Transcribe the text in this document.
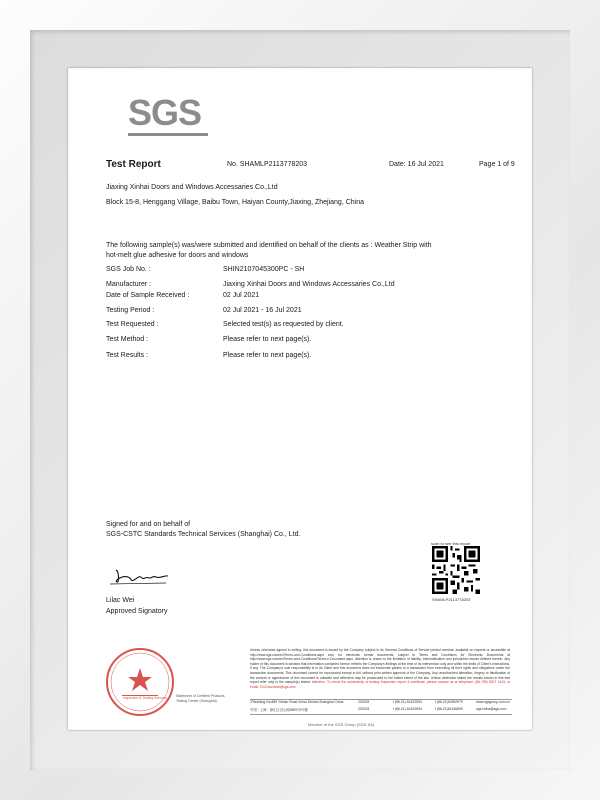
SGS
Test Report	No. SHAMLP2113778203	Date: 16 Jul 2021	Page 1 of 9
Jiaxing Xinhai Doors and Windows Accessaries Co.,Ltd
Block 15-8, Henggang Village, Baibu Town, Haiyan County,Jiaxing, Zhejiang, China
The following sample(s) was/were submitted and identified on behalf of the clients as : Weather Strip with
hot-melt glue adhesive for doors and windows
SGS Job No. :	SHIN2107045300PC - SH
Manufacturer :	Jiaxing Xinhai Doors and Windows Accessaries Co.,Ltd
Date of Sample Received :	02 Jul 2021
Testing Period :	02 Jul 2021 - 16 Jul 2021
Test Requested :	Selected test(s) as requested by client.
Test Method :	Please refer to next page(s).
Test Results :	Please refer to next page(s).
Signed for and on behalf of
SGS-CSTC Standards Technical Services (Shanghai) Co., Ltd.
Lilac Wei
Approved Signatory
scan to see this report
SHAMLP2113778203
Inspection & Testing Services	Statement of Certified Products
Testing Center (Shanghai)
Unless otherwise agreed in writing, this document is issued by the Company subject to its General Conditions of Service printed overleaf, available on request or accessible at http://www.sgs.com/en/Terms-and-Conditions.aspx and, for electronic format documents, subject to Terms and Conditions for Electronic Documents at http://www.sgs.com/en/Terms-and-Conditions/Terms-e-Document.aspx. Attention is drawn to the limitation of liability, indemnification and jurisdiction issues defined therein. Any holder of this document is advised that information contained hereon reflects the Company's findings at the time of its intervention only and within the limits of Client's instructions, if any. The Company's sole responsibility is to its Client and this document does not exonerate parties to a transaction from exercising all their rights and obligations under the transaction documents. This document cannot be reproduced except in full, without prior written approval of the Company. Any unauthorized alteration, forgery or falsification of the content or appearance of this document is unlawful and offenders may be prosecuted to the fullest extent of the law. Unless otherwise stated the results shown in this test report refer only to the sample(s) tested. Attention: To check the authenticity of testing /inspection report & certificate, please contact us at telephone: (86-755) 8307 1443, or email: CN.Doccheck@sgs.com
3°Building No.889 Yishan Road Xuhui District,Shanghai China	200233	t (86-21) 61402553	f (86-21)64952979	www.sgsgroup.com.cn
中国 · 上海 · 徐汇区宜山路889号3号楼	200233	t (86-21) 61402594	f (86-21)61156899	sgs.china@sgs.com
Member of the SGS Group (SGS SA)
